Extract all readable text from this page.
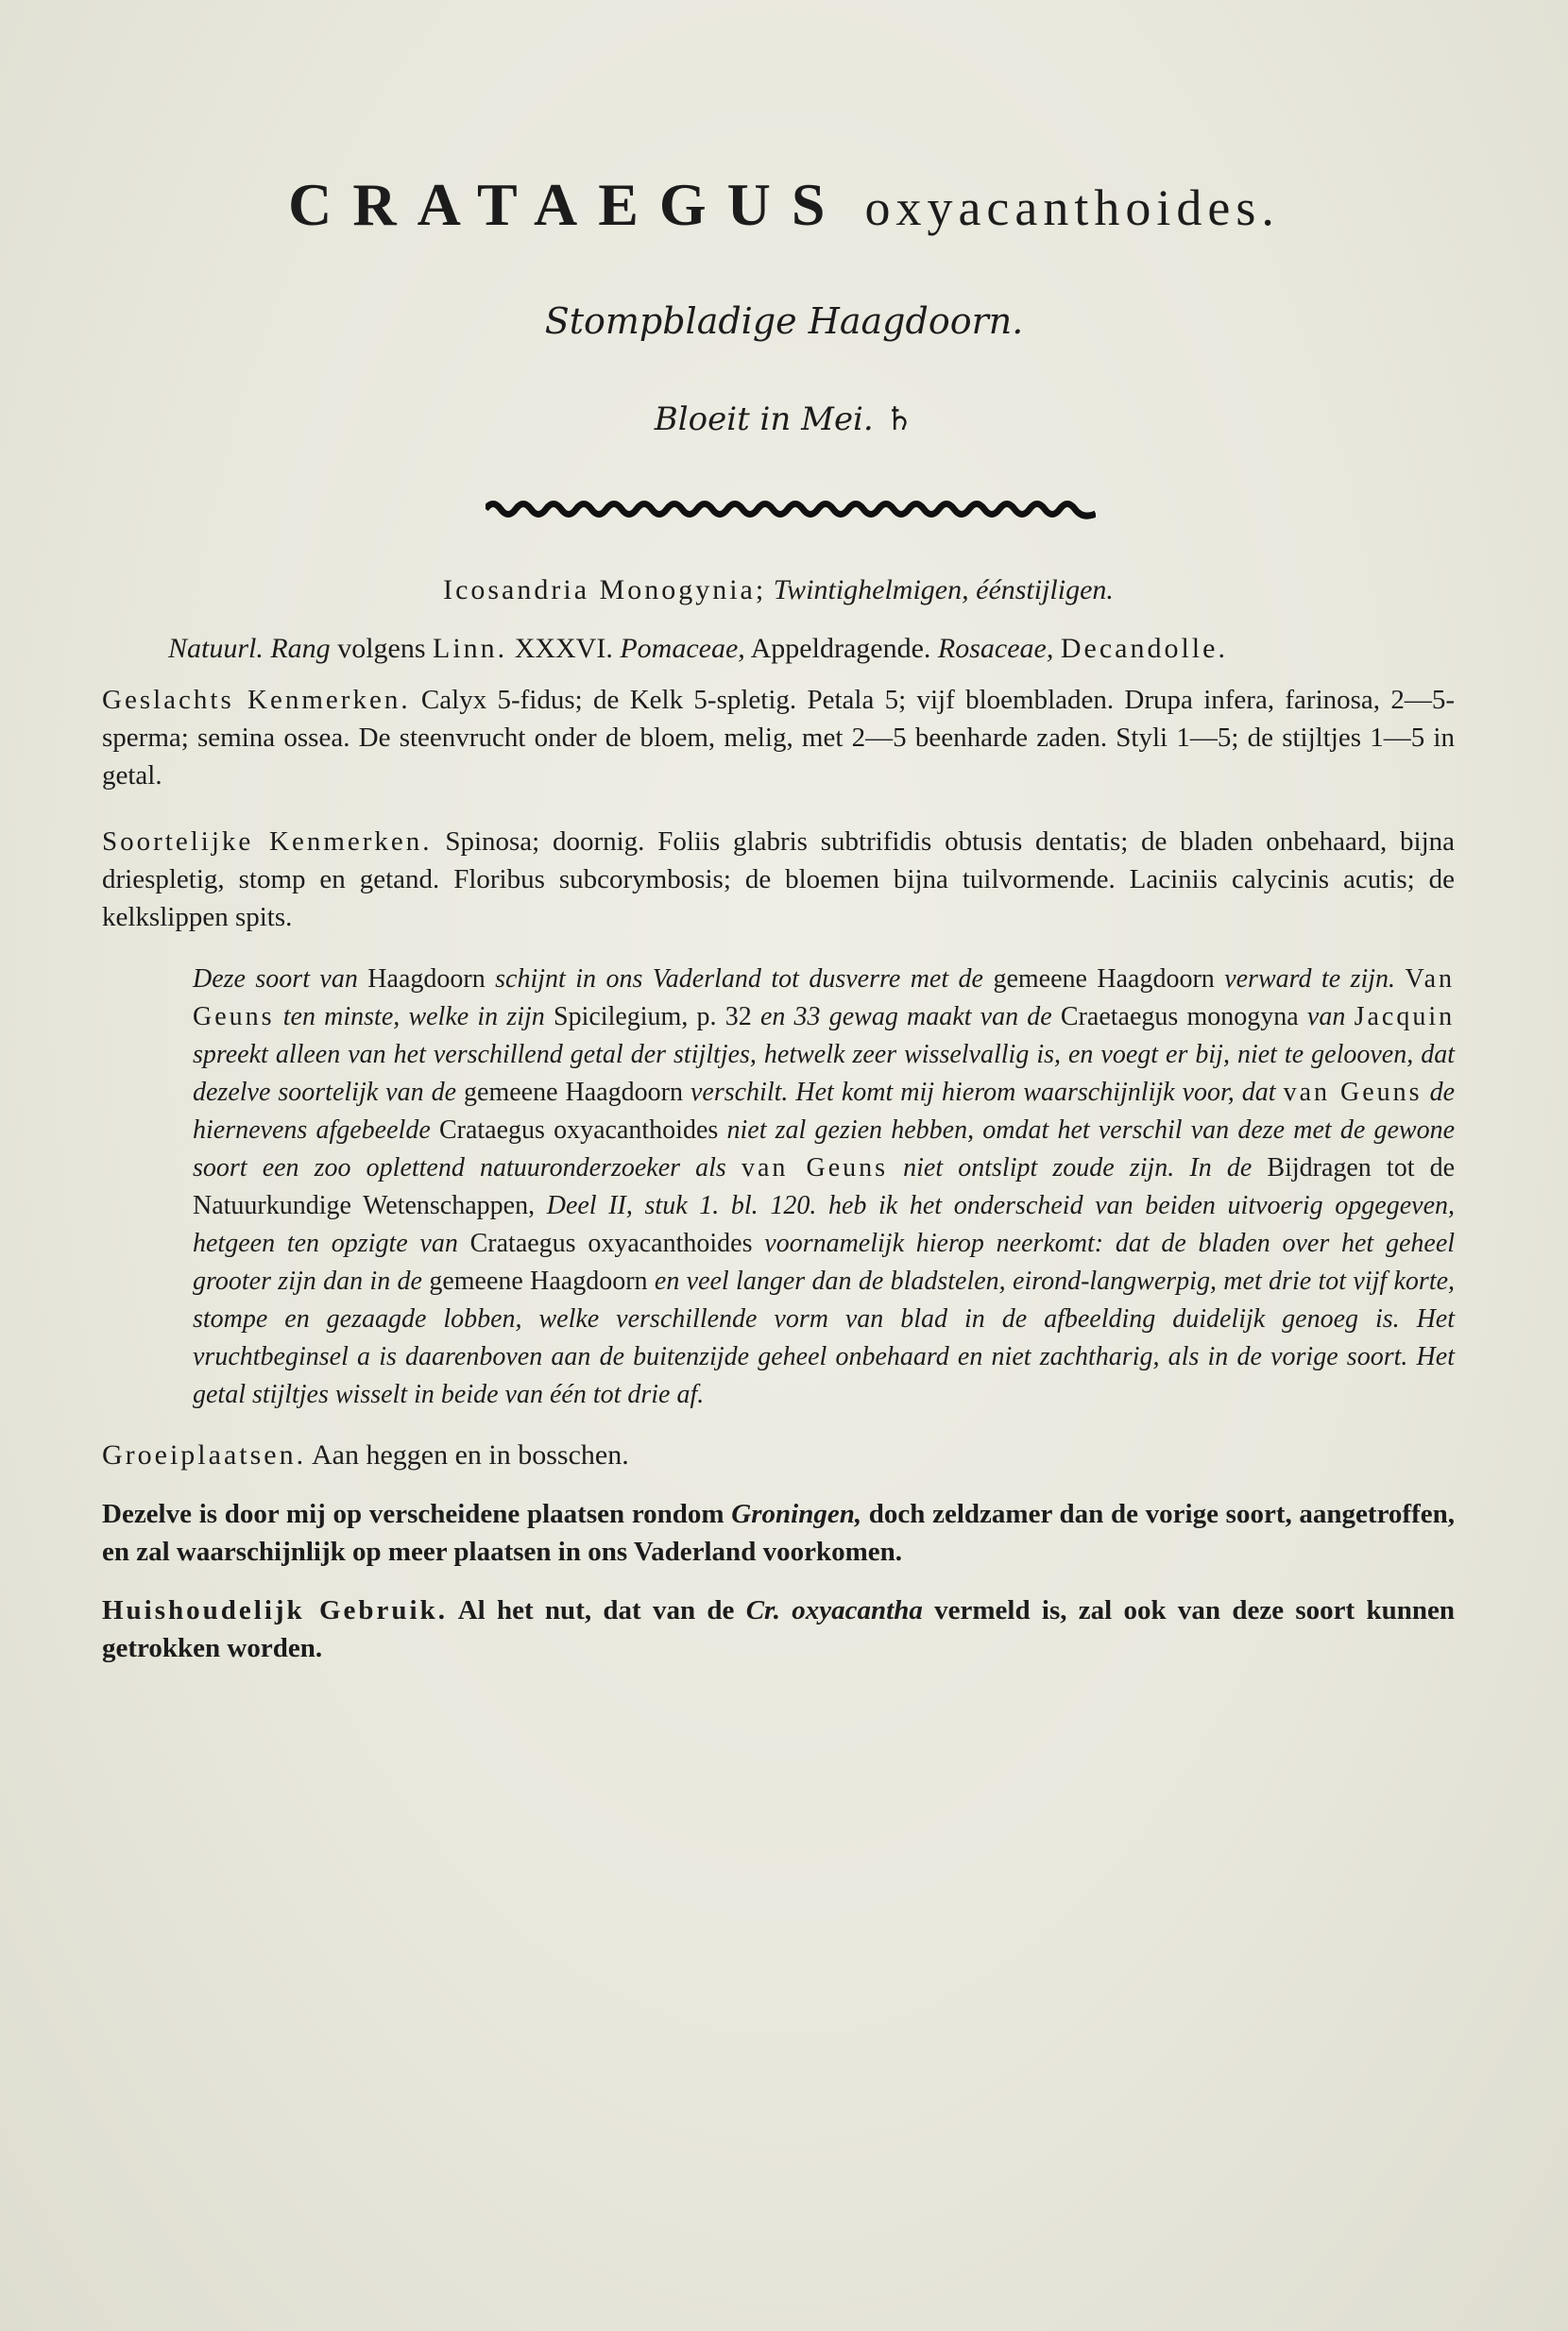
CRATAEGUS oxyacanthoides.
Stompbladige Haagdoorn.
Bloeit in Mei. ♄

Icosandria Monogynia; Twintighelmigen, éénstijligen.

Natuurl. Rang volgens Linn. XXXVI. Pomaceae, Appeldragende. Rosaceae, Decandolle.

Geslachts Kenmerken. Calyx 5-fidus; de Kelk 5-spletig. Petala 5; vijf bloembladen. Drupa infera, farinosa, 2—5-sperma; semina ossea. De steenvrucht onder de bloem, melig, met 2—5 beenharde zaden. Styli 1—5; de stijltjes 1—5 in getal.

Soortelijke Kenmerken. Spinosa; doornig. Foliis glabris subtrifidis obtusis dentatis; de bladen onbehaard, bijna driespletig, stomp en getand. Floribus subcorymbosis; de bloemen bijna tuilvormende. Laciniis calycinis acutis; de kelkslippen spits.

Deze soort van Haagdoorn schijnt in ons Vaderland tot dusverre met de gemeene Haagdoorn verward te zijn. Van Geuns ten minste, welke in zijn Spicilegium, p. 32 en 33 gewag maakt van de Craetaegus monogyna van Jacquin spreekt alleen van het verschillend getal der stijltjes, hetwelk zeer wisselvallig is, en voegt er bij, niet te gelooven, dat dezelve soortelijk van de gemeene Haagdoorn verschilt. Het komt mij hierom waarschijnlijk voor, dat van Geuns de hiernevens afgebeelde Crataegus oxyacanthoides niet zal gezien hebben, omdat het verschil van deze met de gewone soort een zoo oplettend natuuronderzoeker als van Geuns niet ontslipt zoude zijn. In de Bijdragen tot de Natuurkundige Wetenschappen, Deel II, stuk 1. bl. 120. heb ik het onderscheid van beiden uitvoerig opgegeven, hetgeen ten opzigte van Crataegus oxyacanthoides voornamelijk hierop neerkomt: dat de bladen over het geheel grooter zijn dan in de gemeene Haagdoorn en veel langer dan de bladstelen, eirond-langwerpig, met drie tot vijf korte, stompe en gezaagde lobben, welke verschillende vorm van blad in de afbeelding duidelijk genoeg is. Het vruchtbeginsel a is daarenboven aan de buitenzijde geheel onbehaard en niet zachtharig, als in de vorige soort. Het getal stijltjes wisselt in beide van één tot drie af.

Groeiplaatsen. Aan heggen en in bosschen.

Dezelve is door mij op verscheidene plaatsen rondom Groningen, doch zeldzamer dan de vorige soort, aangetroffen, en zal waarschijnlijk op meer plaatsen in ons Vaderland voorkomen.

Huishoudelijk Gebruik. Al het nut, dat van de Cr. oxyacantha vermeld is, zal ook van deze soort kunnen getrokken worden.
